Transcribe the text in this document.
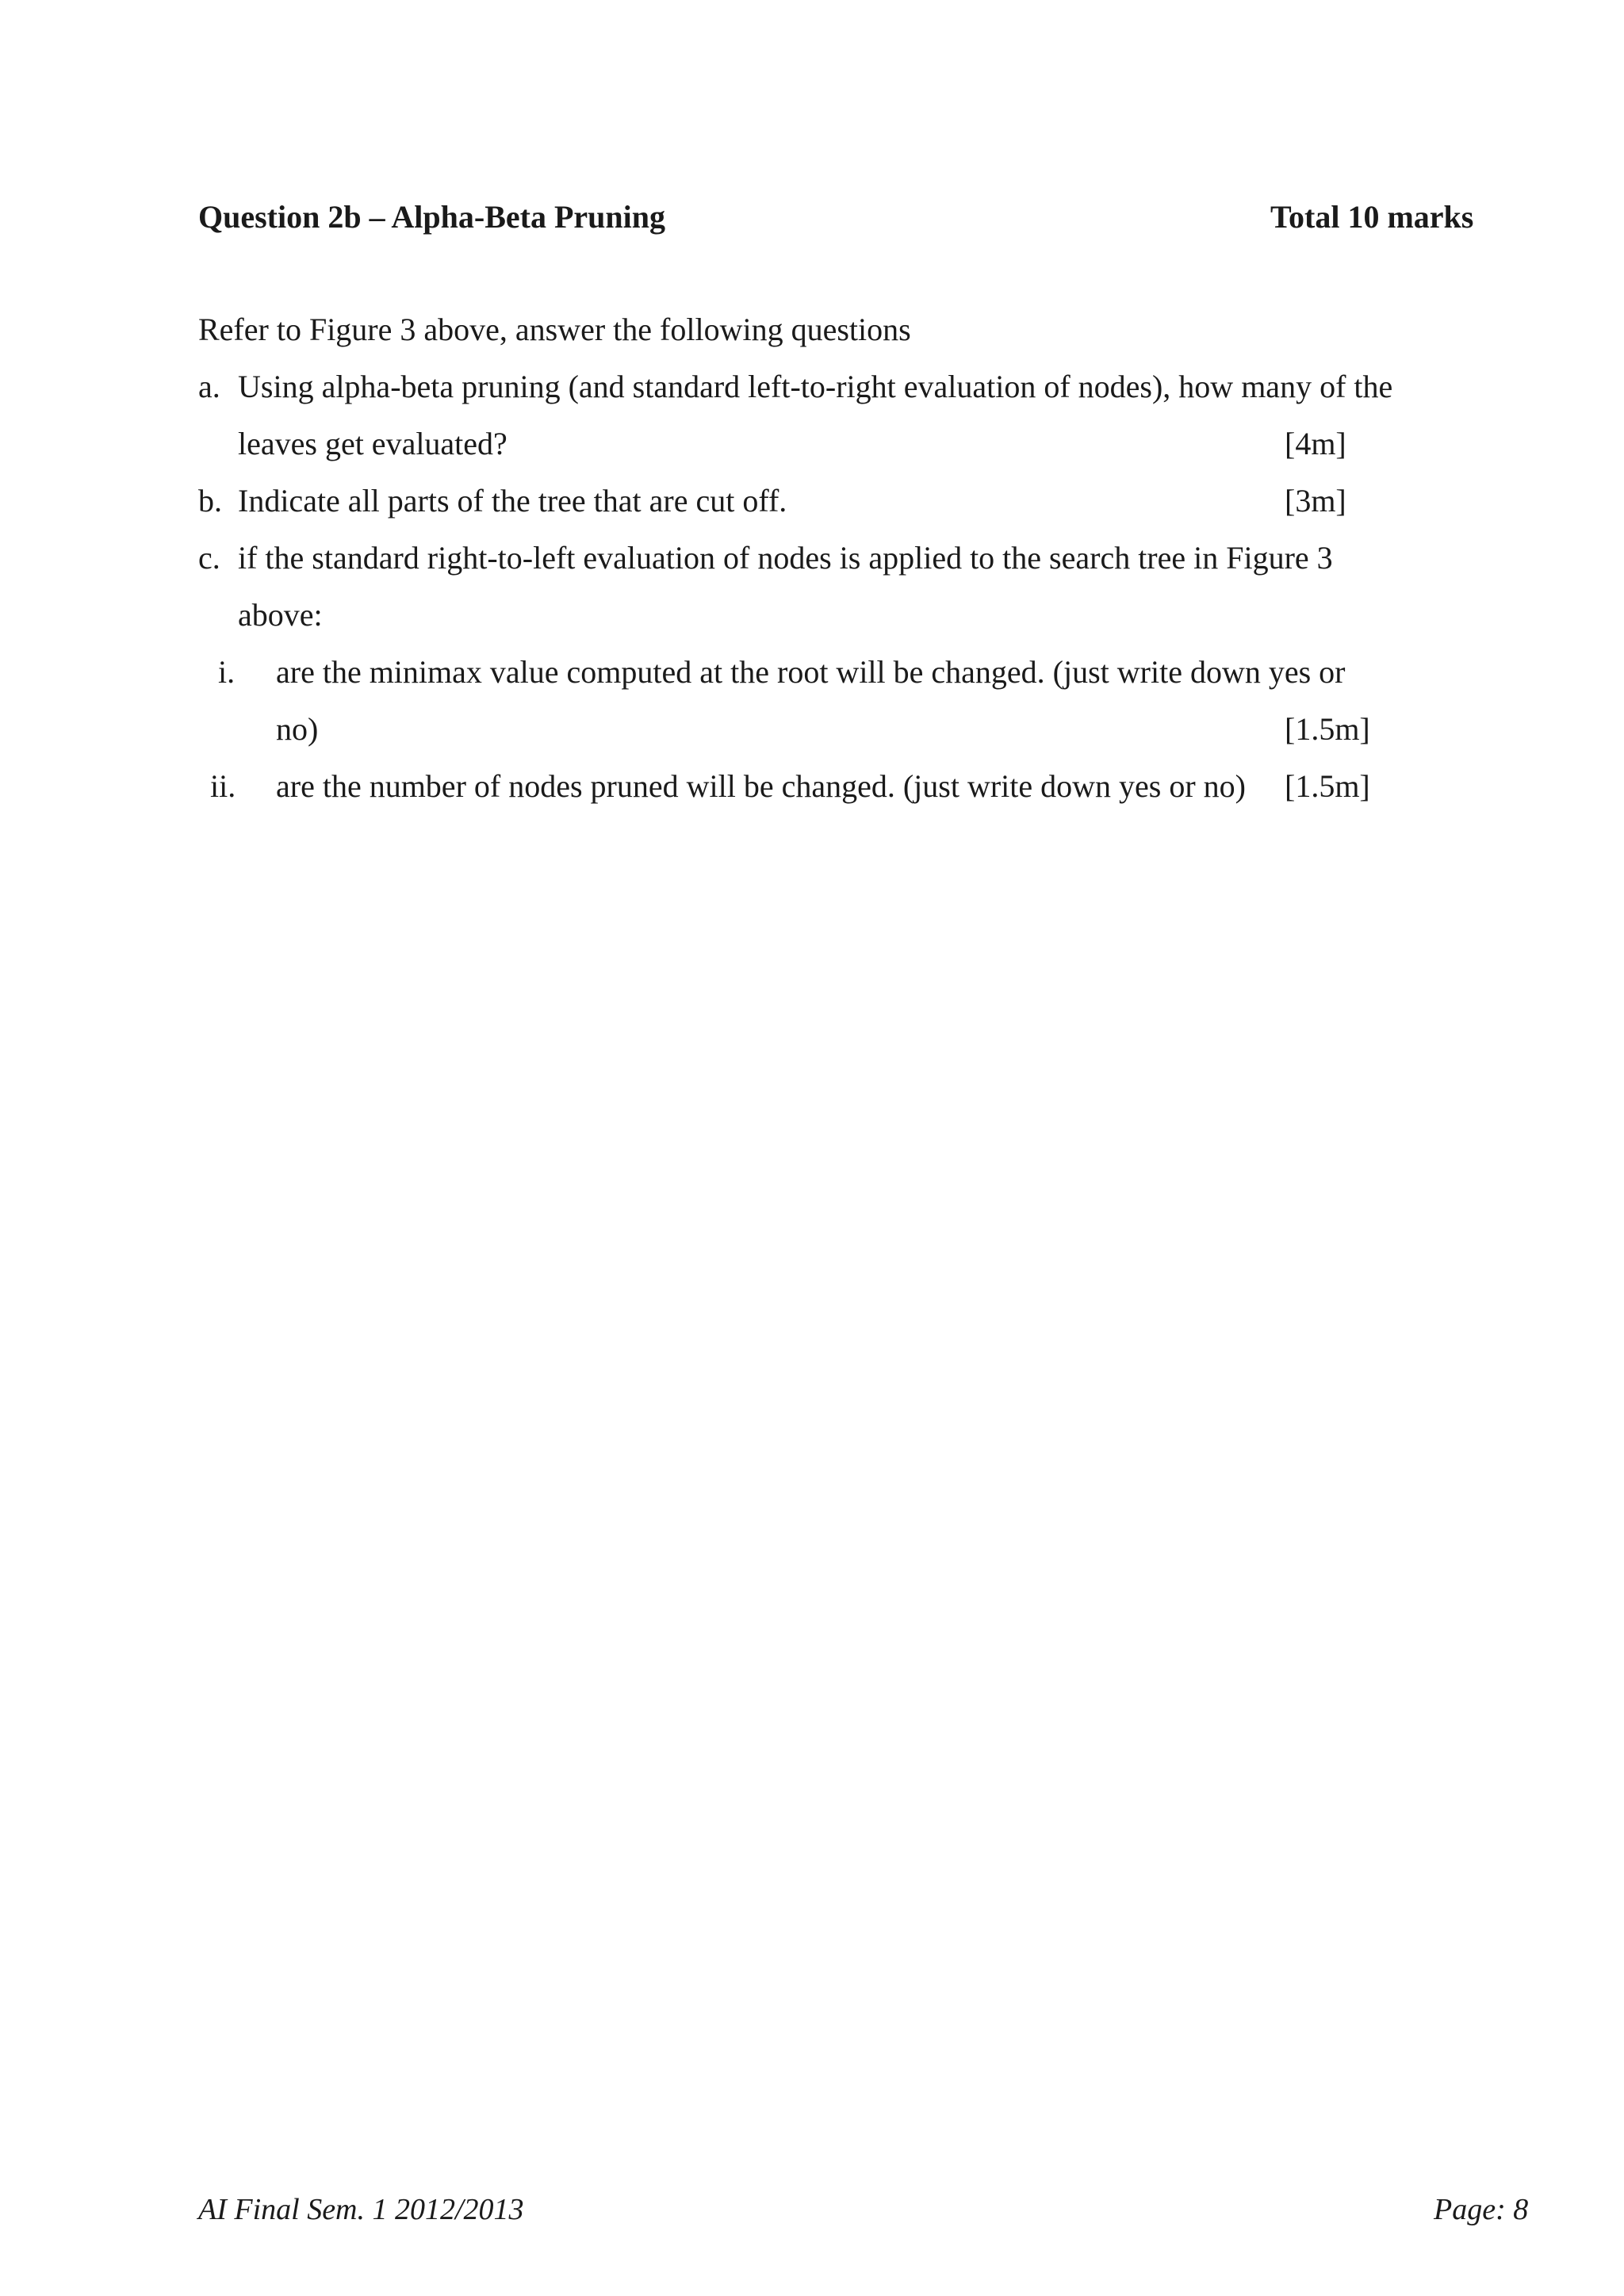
Question 2b – Alpha-Beta Pruning	Total 10 marks
Refer to Figure 3 above, answer the following questions
a. Using alpha-beta pruning (and standard left-to-right evaluation of nodes), how many of the
leaves get evaluated?	[4m]
b. Indicate all parts of the tree that are cut off.	[3m]
c. if the standard right-to-left evaluation of nodes is applied to the search tree in Figure 3
above:
i. are the minimax value computed at the root will be changed. (just write down yes or
no)	[1.5m]
ii. are the number of nodes pruned will be changed. (just write down yes or no) [1.5m]
AI Final Sem. 1 2012/2013	Page: 8
